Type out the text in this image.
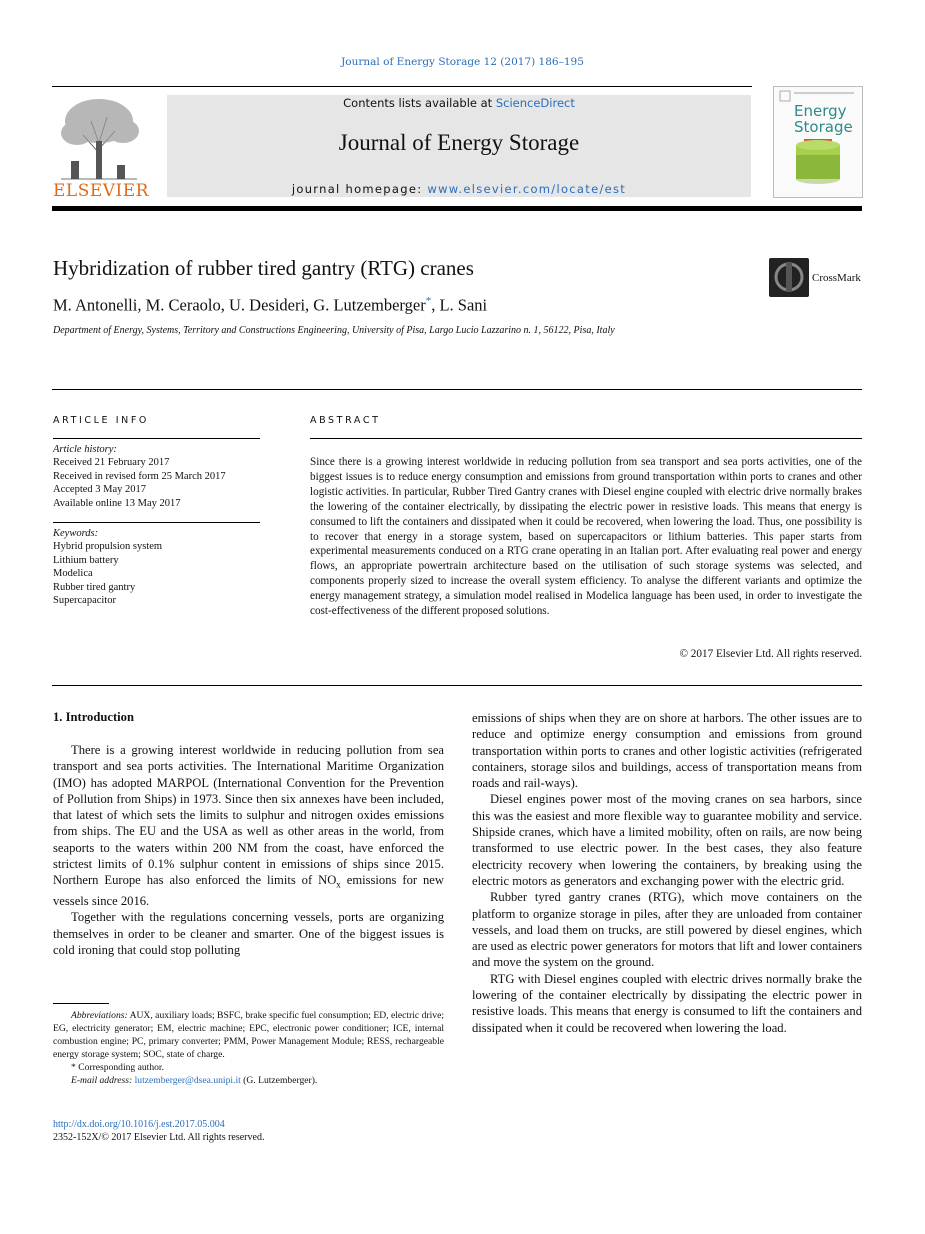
Journal of Energy Storage 12 (2017) 186–195
ELSEVIER
Contents lists available at ScienceDirect
Journal of Energy Storage
journal homepage: www.elsevier.com/locate/est
Energy
Storage
Hybridization of rubber tired gantry (RTG) cranes	CrossMark
M. Antonelli, M. Ceraolo, U. Desideri, G. Lutzemberger*, L. Sani
Department of Energy, Systems, Territory and Constructions Engineering, University of Pisa, Largo Lucio Lazzarino n. 1, 56122, Pisa, Italy
ARTICLE INFO
Article history:
Received 21 February 2017
Received in revised form 25 March 2017
Accepted 3 May 2017
Available online 13 May 2017
Keywords:
Hybrid propulsion system
Lithium battery
Modelica
Rubber tired gantry
Supercapacitor
ABSTRACT
Since there is a growing interest worldwide in reducing pollution from sea transport and sea ports activities, one of the biggest issues is to reduce energy consumption and emissions from ground transportation within ports to cranes and other logistic activities. In particular, Rubber Tired Gantry cranes with Diesel engine coupled with electric drive normally brakes the lowering of the container electrically, by dissipating the electric power in resistive loads. This means that energy is consumed to lift the containers and dissipated when it could be recovered, when lowering the load. Thus, one possibility is to recover that energy in a storage system, based on supercapacitors or lithium batteries. This paper starts from experimental measurements conduced on a RTG crane operating in an Italian port. After evaluating real power and energy flows, an appropriate powertrain architecture based on the utilisation of such storage systems was selected, and components properly sized to increase the overall system efficiency. To analyse the different variants and optimize the energy management strategy, a simulation model realised in Modelica language has been used, in order to investigate the cost-effectiveness of the different proposed solutions.
© 2017 Elsevier Ltd. All rights reserved.
1. Introduction

There is a growing interest worldwide in reducing pollution from sea transport and sea ports activities. The International Maritime Organization (IMO) has adopted MARPOL (International Convention for the Prevention of Pollution from Ships) in 1973. Since then six annexes have been included, that latest of which sets the limits to sulphur and nitrogen oxides emissions from ships. The EU and the USA as well as other areas in the world, from seaports to the waters within 200 NM from the coast, have enforced the strictest limits of 0.1% sulphur content in emissions of ships since 2015. Northern Europe has also enforced the limits of $NO_x$ emissions for new vessels since 2016.

Together with the regulations concerning vessels, ports are organizing themselves in order to be cleaner and smarter. One of the biggest issues is cold ironing that could stop polluting

emissions of ships when they are on shore at harbors. The other issues are to reduce and optimize energy consumption and emissions from ground transportation within ports to cranes and other logistic activities (refrigerated containers, storage silos and buildings, access of transportation means from roads and rail-ways).

Diesel engines power most of the moving cranes on sea harbors, since this was the easiest and more flexible way to guarantee mobility and service. Shipside cranes, which have a limited mobility, often on rails, are now being transformed to use electric power. In the best cases, they also feature electricity recovery when lowering the containers, by breaking using the electric motors as generators and exchanging power with the electric grid.

Rubber tyred gantry cranes (RTG), which move containers on the platform to organize storage in piles, after they are unloaded from container vessels, and load them on trucks, are still powered by diesel engines, which are used as electric power generators for motors that lift and lower containers and move the system on the ground.

RTG with Diesel engines coupled with electric drives normally brake the lowering of the container electrically by dissipating the electric power in resistive loads. This means that energy is consumed to lift the containers and dissipated when it could be recovered when lowering the load.

Abbreviations: AUX, auxiliary loads; BSFC, brake specific fuel consumption; ED, electric drive; EG, electricity generator; EM, electric machine; EPC, electronic power conditioner; ICE, internal combustion engine; PC, primary converter; PMM, Power Management Module; RESS, rechargeable energy storage system; SOC, state of charge.

* Corresponding author.

E-mail address: lutzemberger@dsea.unipi.it (G. Lutzemberger).

http://dx.doi.org/10.1016/j.est.2017.05.004
2352-152X/© 2017 Elsevier Ltd. All rights reserved.
